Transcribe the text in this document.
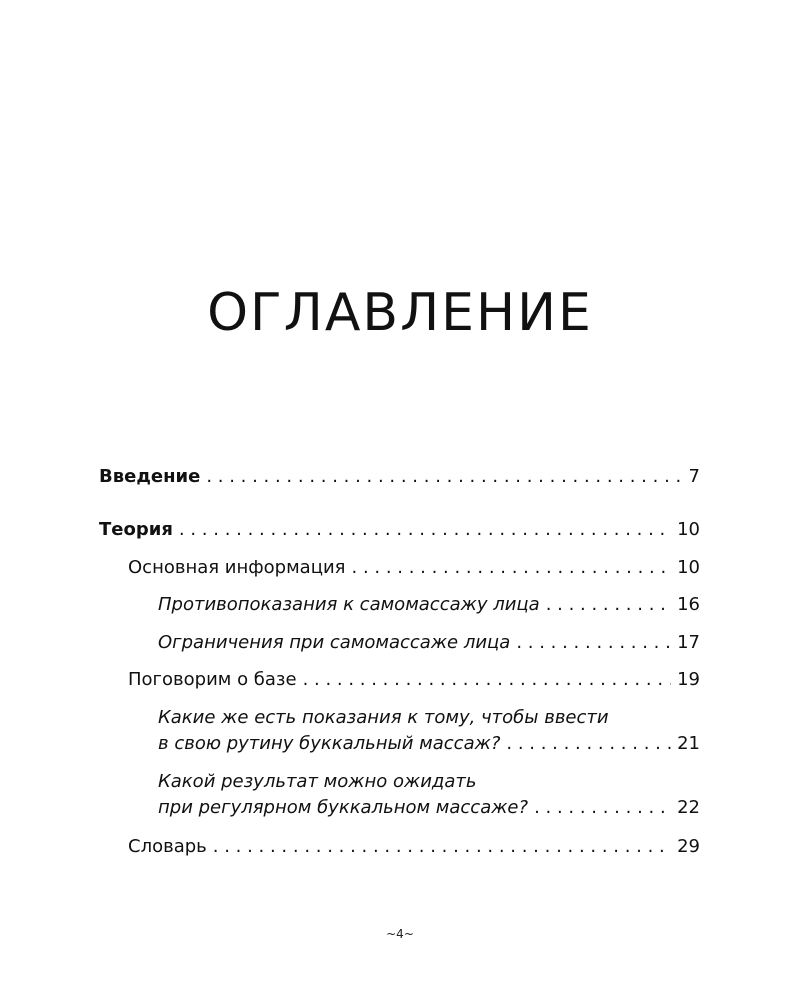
ОГЛАВЛЕНИЕ
Введение . . .	7
Теория . . .	10
Основная информация . . .	10
Противопоказания к самомассажу лица . . .	16
Ограничения при самомассаже лица . . .	17
Поговорим о базе . . .	19
Какие же есть показания к тому, чтобы ввести
в свою рутину буккальный массаж? . . .	21
Какой результат можно ожидать
при регулярном буккальном массаже? . . .	22
Словарь . . .	29
~4~
